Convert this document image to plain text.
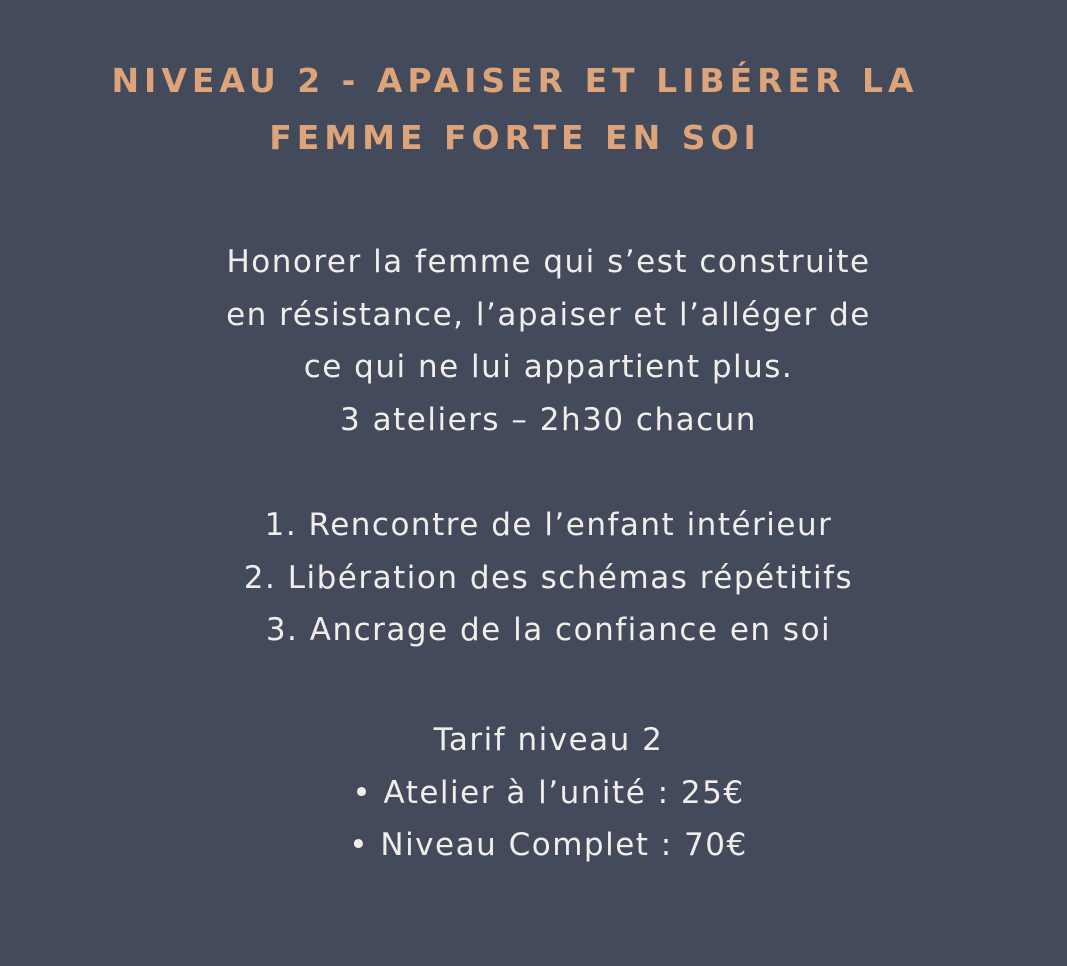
NIVEAU 2 - APAISER ET LIBÉRER LA
FEMME FORTE EN SOI
Honorer la femme qui s’est construite
en résistance, l’apaiser et l’alléger de
ce qui ne lui appartient plus.
3 ateliers – 2h30 chacun
1. Rencontre de l’enfant intérieur
2. Libération des schémas répétitifs
3. Ancrage de la confiance en soi
Tarif niveau 2
• Atelier à l’unité : 25€
• Niveau Complet : 70€
